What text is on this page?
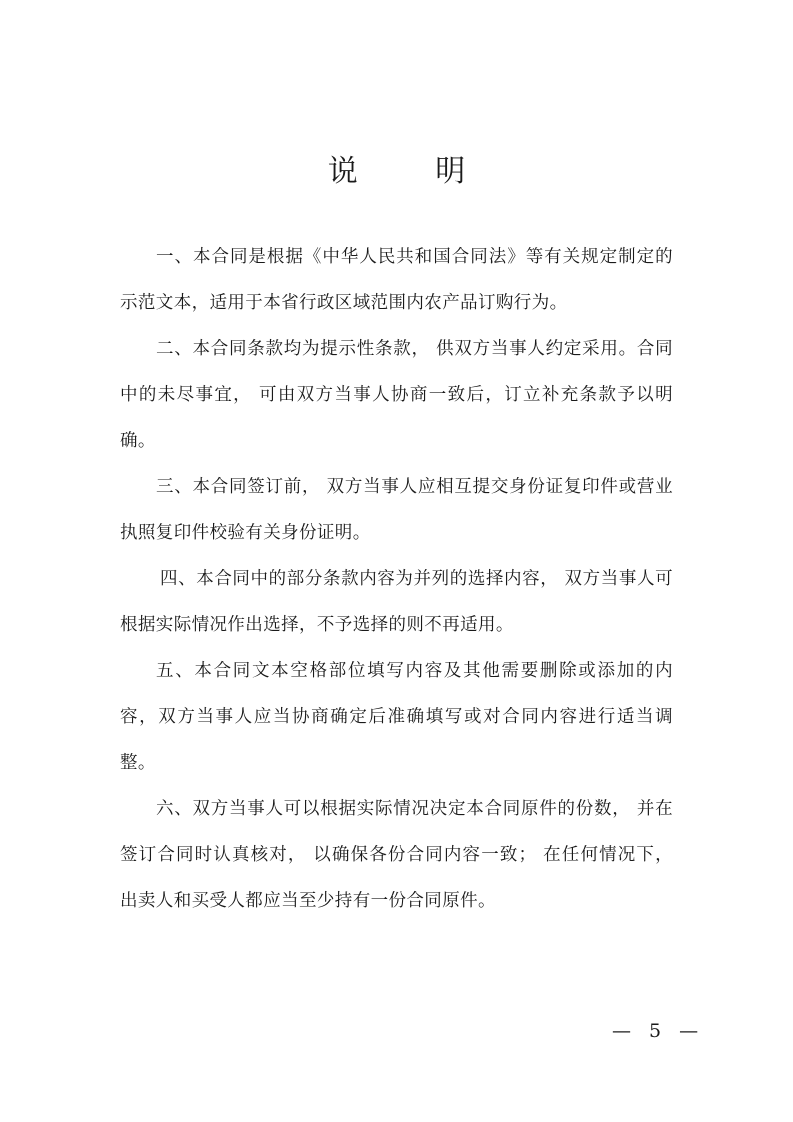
说 明

一、本合同是根据《中华人民共和国合同法》等有关规定制定的示范文本，适用于本省行政区域范围内农产品订购行为。

二、本合同条款均为提示性条款， 供双方当事人约定采用。合同中的未尽事宜， 可由双方当事人协商一致后，订立补充条款予以明确。

三、本合同签订前， 双方当事人应相互提交身份证复印件或营业执照复印件校验有关身份证明。

四、本合同中的部分条款内容为并列的选择内容， 双方当事人可根据实际情况作出选择，不予选择的则不再适用。

五、本合同文本空格部位填写内容及其他需要删除或添加的内容，双方当事人应当协商确定后准确填写或对合同内容进行适当调整。

六、双方当事人可以根据实际情况决定本合同原件的份数， 并在签订合同时认真核对， 以确保各份合同内容一致； 在任何情况下， 出卖人和买受人都应当至少持有一份合同原件。

— 5 —
